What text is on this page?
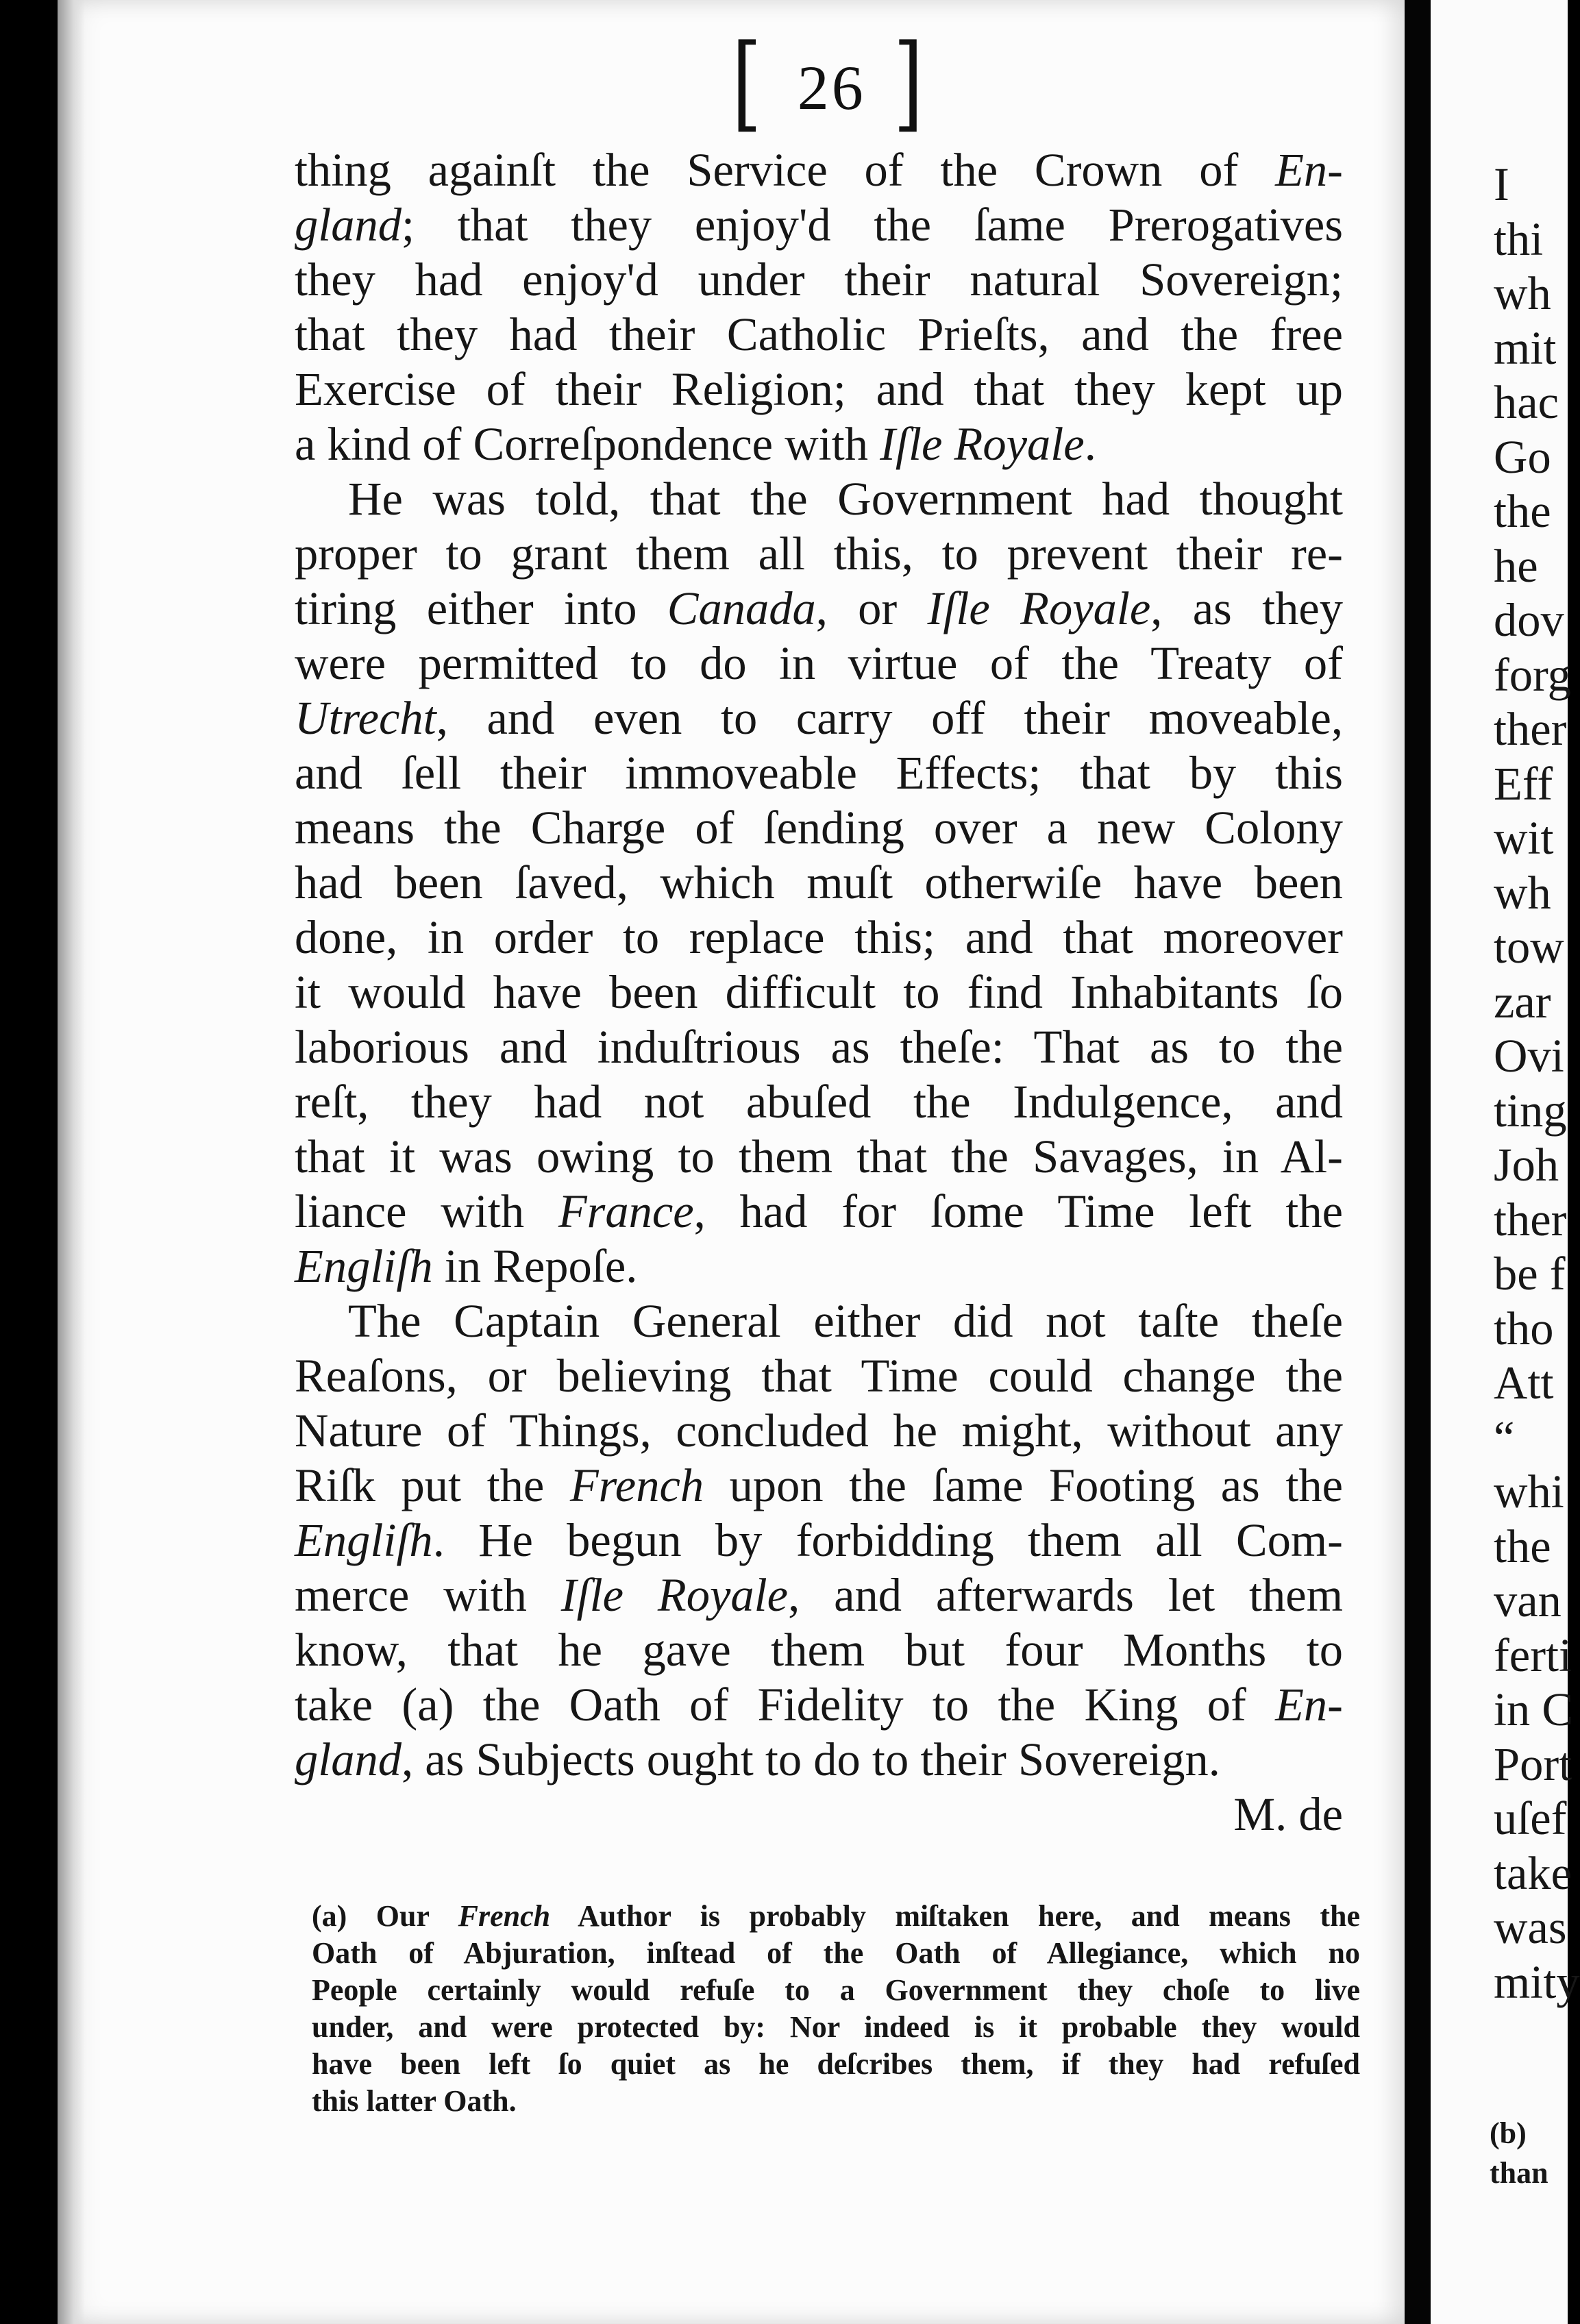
[ 26 ]
thing againſt the Service of the Crown of En-
gland; that they enjoy'd the ſame Prerogatives
they had enjoy'd under their natural Sovereign;
that they had their Catholic Prieſts, and the free
Exercise of their Religion; and that they kept up
a kind of Correſpondence with Iſle Royale.
He was told, that the Government had thought
proper to grant them all this, to prevent their re-
tiring either into Canada, or Iſle Royale, as they
were permitted to do in virtue of the Treaty of
Utrecht, and even to carry off their moveable,
and ſell their immoveable Effects; that by this
means the Charge of ſending over a new Colony
had been ſaved, which muſt otherwiſe have been
done, in order to replace this; and that moreover
it would have been difficult to find Inhabitants ſo
laborious and induſtrious as theſe: That as to the
reſt, they had not abuſed the Indulgence, and
that it was owing to them that the Savages, in Al-
liance with France, had for ſome Time left the
Engliſh in Repoſe.
The Captain General either did not taſte theſe
Reaſons, or believing that Time could change the
Nature of Things, concluded he might, without any
Riſk put the French upon the ſame Footing as the
Engliſh. He begun by forbidding them all Com-
merce with Iſle Royale, and afterwards let them
know, that he gave them but four Months to
take (a) the Oath of Fidelity to the King of En-
gland, as Subjects ought to do to their Sovereign.
M. de
(a) Our French Author is probably miſtaken here, and means the
Oath of Abjuration, inſtead of the Oath of Allegiance, which no
People certainly would refuſe to a Government they choſe to live
under, and were protected by: Nor indeed is it probable they would
have been left ſo quiet as he deſcribes them, if they had refuſed
this latter Oath.
I
thi
wh
mit
hac
Go
the
he
dov
forg
ther
Eff
wit
wh
tow
zar
Ovi
ting
Joh
ther
be f
tho
Att
“
whi
the
van
ferti
in C
Port
uſef
take
was
mity
(b)
than
